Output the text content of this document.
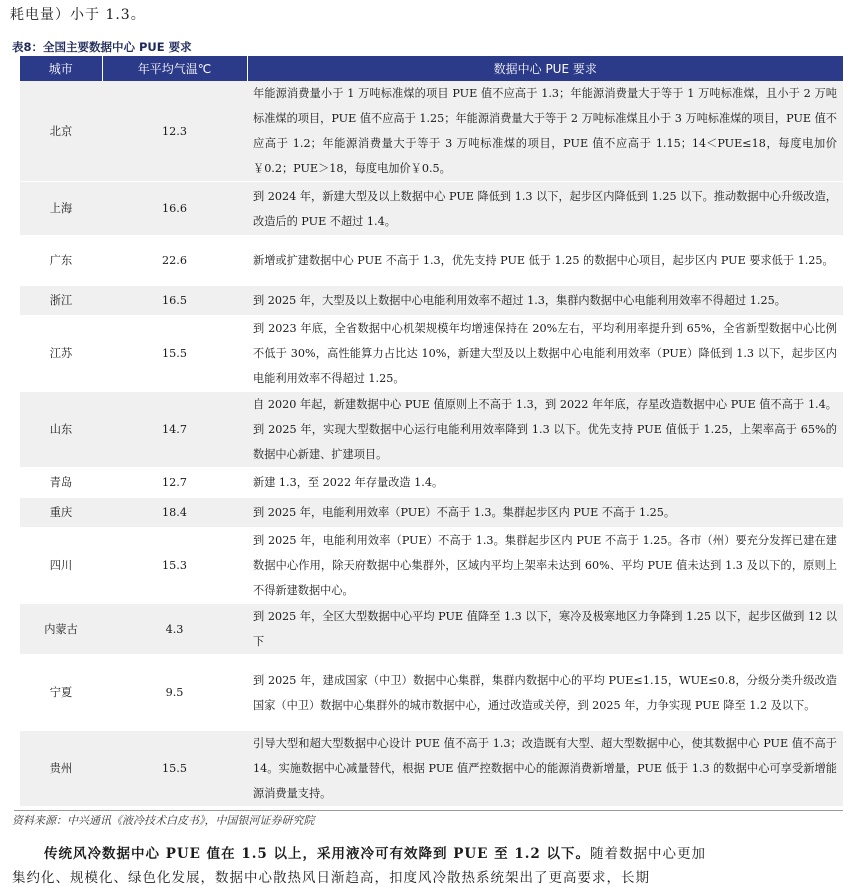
耗电量）小于 1.3。
表8：全国主要数据中心 PUE 要求
城市	年平均气温℃	数据中心 PUE 要求
北京	12.3	年能源消费量小于 1 万吨标准煤的项目 PUE 值不应高于 1.3；年能源消费量大于等于 1 万吨标准煤，且小于 2 万吨标准煤的项目，PUE 值不应高于 1.25；年能源消费量大于等于 2 万吨标准煤且小于 3 万吨标准煤的项目，PUE 值不应高于 1.2；年能源消费量大于等于 3 万吨标准煤的项目，PUE 值不应高于 1.15；14＜PUE≤18，每度电加价￥0.2；PUE＞18，每度电加价￥0.5。
上海	16.6	到 2024 年，新建大型及以上数据中心 PUE 降低到 1.3 以下，起步区内降低到 1.25 以下。推动数据中心升级改造，改造后的 PUE 不超过 1.4。
广东	22.6	新增或扩建数据中心 PUE 不高于 1.3，优先支持 PUE 低于 1.25 的数据中心项目，起步区内 PUE 要求低于 1.25。
浙江	16.5	到 2025 年，大型及以上数据中心电能利用效率不超过 1.3，集群内数据中心电能利用效率不得超过 1.25。
江苏	15.5	到 2023 年底，全省数据中心机架规模年均增速保持在 20%左右，平均利用率提升到 65%，全省新型数据中心比例不低于 30%，高性能算力占比达 10%，新建大型及以上数据中心电能利用效率（PUE）降低到 1.3 以下，起步区内电能利用效率不得超过 1.25。
山东	14.7	自 2020 年起，新建数据中心 PUE 值原则上不高于 1.3，到 2022 年年底，存星改造数据中心 PUE 值不高于 1.4。到 2025 年，实现大型数据中心运行电能利用效率降到 1.3 以下。优先支持 PUE 值低于 1.25，上架率高于 65%的数据中心新建、扩建项目。
青岛	12.7	新建 1.3，至 2022 年存量改造 1.4。
重庆	18.4	到 2025 年，电能利用效率（PUE）不高于 1.3。集群起步区内 PUE 不高于 1.25。
四川	15.3	到 2025 年，电能利用效率（PUE）不高于 1.3。集群起步区内 PUE 不高于 1.25。各市（州）要充分发挥已建在建数据中心作用，除天府数据中心集群外，区域内平均上架率未达到 60%、平均 PUE 值未达到 1.3 及以下的，原则上不得新建数据中心。
内蒙古	4.3	到 2025 年，全区大型数据中心平均 PUE 值降至 1.3 以下，寒冷及极寒地区力争降到 1.25 以下，起步区做到 12 以下
宁夏	9.5	到 2025 年，建成国家（中卫）数据中心集群，集群内数据中心的平均 PUE≤1.15，WUE≤0.8，分级分类升级改造国家（中卫）数据中心集群外的城市数据中心，通过改造或关停，到 2025 年，力争实现 PUE 降至 1.2 及以下。
贵州	15.5	引导大型和超大型数据中心设计 PUE 值不高于 1.3；改造既有大型、超大型数据中心，使其数据中心 PUE 值不高于 14。实施数据中心减量替代，根据 PUE 值严控数据中心的能源消费新增量，PUE 低于 1.3 的数据中心可享受新增能源消费量支持。
资料来源：中兴通讯《液冷技术白皮书》，中国银河证券研究院
传统风冷数据中心 PUE 值在 1.5 以上，采用液冷可有效降到 PUE 至 1.2 以下。随着数据中心更加
集约化、规模化、绿色化发展，数据中心散热风日渐趋高，扣度风冷散热系统架出了更高要求，长期
